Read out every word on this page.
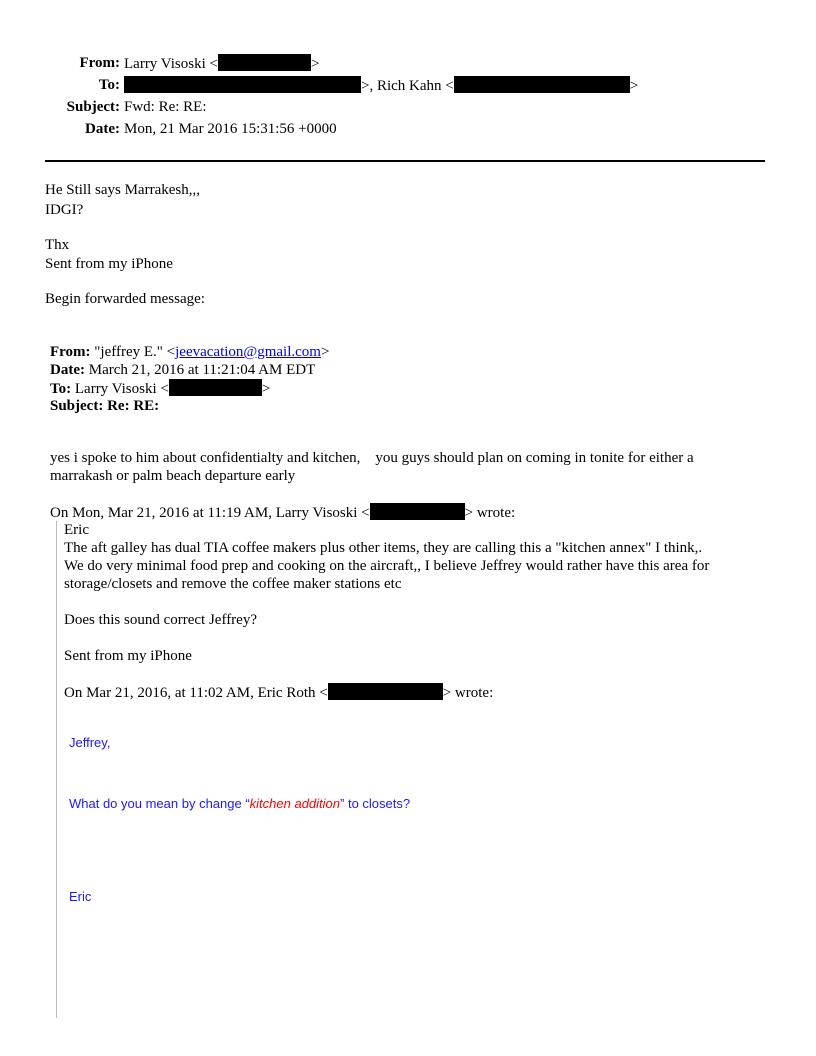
From: Larry Visoski <	>
To:	>, Rich Kahn <	>
Subject: Fwd: Re: RE:
Date: Mon, 21 Mar 2016 15:31:56 +0000
He Still says Marrakesh,,,
IDGI?
Thx
Sent from my iPhone
Begin forwarded message:
From: "jeffrey E." <jeevacation@gmail.com>
Date: March 21, 2016 at 11:21:04 AM EDT
To: Larry Visoski <	>
Subject: Re: RE:
yes i spoke to him about confidentialty and kitchen,    you guys should plan on coming in tonite for either a
marrakash or palm beach departure early
On Mon, Mar 21, 2016 at 11:19 AM, Larry Visoski <	> wrote:
Eric
The aft galley has dual TIA coffee makers plus other items, they are calling this a "kitchen annex" I think,.
We do very minimal food prep and cooking on the aircraft,, I believe Jeffrey would rather have this area for
storage/closets and remove the coffee maker stations etc
Does this sound correct Jeffrey?
Sent from my iPhone
On Mar 21, 2016, at 11:02 AM, Eric Roth <	> wrote:
Jeffrey,
What do you mean by change “kitchen addition” to closets?
Eric
